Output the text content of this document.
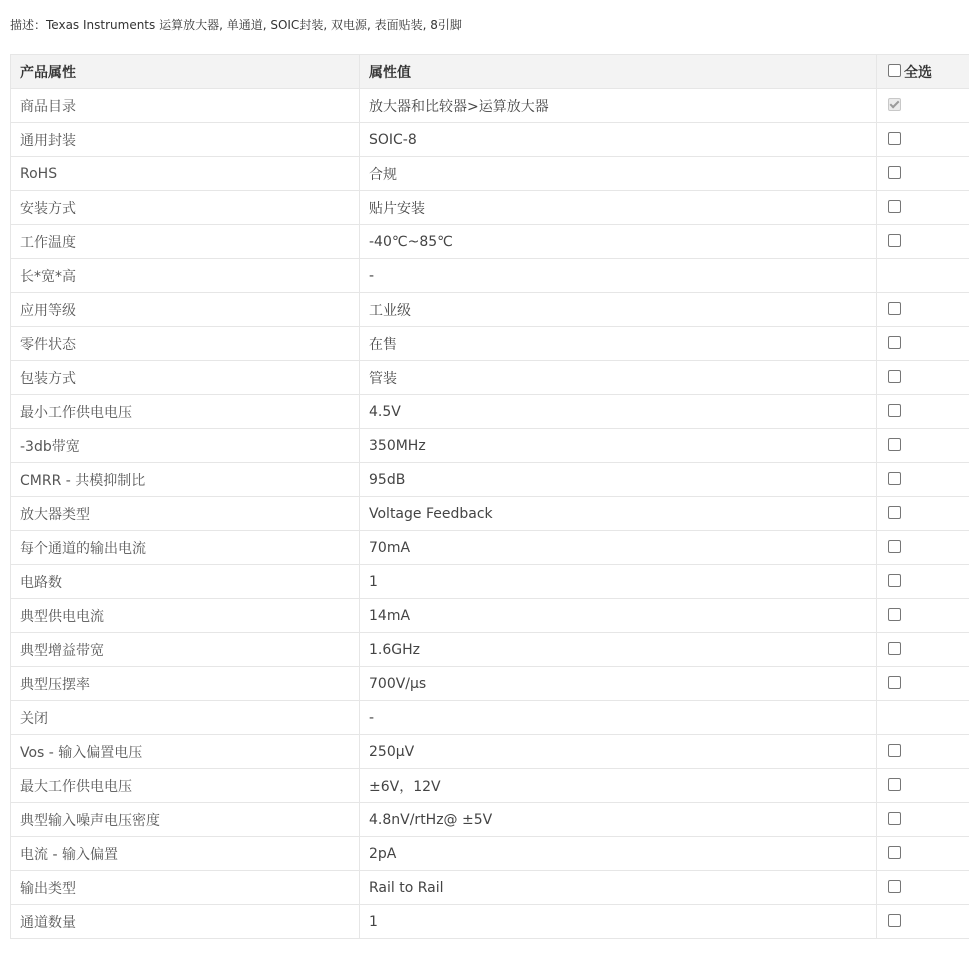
描述：Texas Instruments 运算放大器, 单通道, SOIC封装, 双电源, 表面贴装, 8引脚
产品属性	属性值	全选
商品目录	放大器和比较器>运算放大器	
通用封装	SOIC-8	
RoHS	合规	
安装方式	贴片安装	
工作温度	-40℃~85℃	
长*宽*高	-	
应用等级	工业级	
零件状态	在售	
包装方式	管装	
最小工作供电电压	4.5V	
-3db带宽	350MHz	
CMRR - 共模抑制比	95dB	
放大器类型	Voltage Feedback	
每个通道的输出电流	70mA	
电路数	1	
典型供电电流	14mA	
典型增益带宽	1.6GHz	
典型压摆率	700V/μs	
关闭	-	
Vos - 输入偏置电压	250μV	
最大工作供电电压	±6V，12V	
典型输入噪声电压密度	4.8nV/rtHz@ ±5V	
电流 - 输入偏置	2pA	
输出类型	Rail to Rail	
通道数量	1	
